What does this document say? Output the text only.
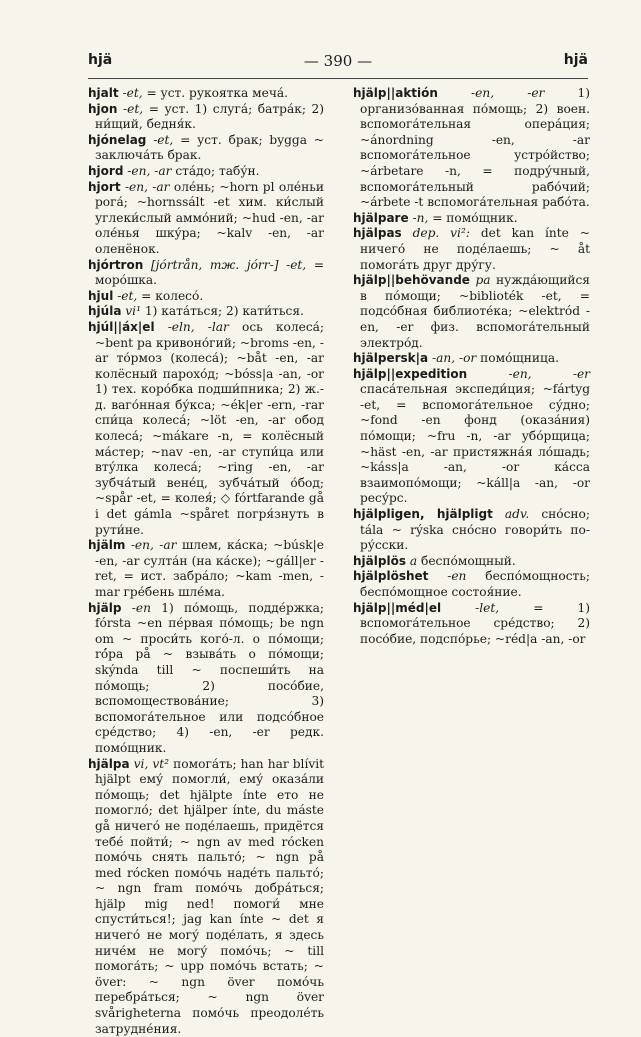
hjä	— 390 —	hjä

hjalt -et, = уст. рукоятка меча́.

hjon -et, = уст. 1) слуга́; батра́к; 2) ни́щий, бедня́к.

hjónelag -et, = уст. брак; bygga ~ заключа́ть брак.

hjord -en, -ar ста́до; табу́н.

hjort -en, -ar оле́нь; ~horn pl оле́ньи рога́; ~hornssált -et хим. ки́слый углеки́слый аммо́ний; ~hud -en, -ar оле́нья шку́ра; ~kalv -en, -ar оленёнок.

hjórtron [jórtrån, тж. jórr-] -et, = моро́шка.

hjul -et, = колесо́.

hjúla vi¹ 1) ката́ться; 2) кати́ться.

hjúl||áx|el -eln, -lar ось колеса́; ~bent pa кривоно́гий; ~broms -en, -ar то́рмоз (колеса́); ~båt -en, -ar колёсный парохо́д; ~bóss|a -an, -or 1) тех. коро́бка подши́пника; 2) ж.-д. ваго́нная бу́кса; ~ék|er -ern, -rar спи́ца колеса́; ~löt -en, -ar обод колеса́; ~mákare -n, = колёсный ма́стер; ~nav -en, -ar ступи́ца или вту́лка колеса́; ~ring -en, -ar зубча́тый вене́ц, зубча́тый о́бод; ~spår -et, = колея́; ◇ fórtfarande gå i det gámla ~spåret погря́знуть в рути́не.

hjälm -en, -ar шлем, ка́ска; ~búsk|e -en, -ar султа́н (на ка́ске); ~gáll|er -ret, = ист. забра́ло; ~kam -men, -mar гре́бень шле́ма.

hjälp -en 1) по́мощь, подде́ржка; fórsta ~en пе́рвая по́мощь; be ngn om ~ проси́ть кого́-л. о по́мощи; ró́pa på ~ взыва́ть о по́мощи; skýnda till ~ поспеши́ть на по́мощь; 2) посо́бие, вспомоществова́ние; 3) вспомога́тельное или подсо́бное сре́дство; 4) -en, -er редк. помо́щник.

hjälpa vi, vt² помога́ть; han har blívit hjälpt ему́ помогли́, ему́ оказа́ли по́мощь; det hjälpte ínte ето не помогло́; det hjälper ínte, du máste gå ничего́ не поде́лаешь, придётся тебе́ пойти́; ~ ngn av med rócken помо́чь снять пальто́; ~ ngn på med rócken помо́чь наде́ть пальто́; ~ ngn fram помо́чь добра́ться; hjälp mig ned! помоги́ мне спусти́ться!; jag kan ínte ~ det я ничего́ не могу́ поде́лать, я здесь ниче́м не могу́ помо́чь; ~ till помога́ть; ~ upp помо́чь встать; ~ över: ~ ngn över помо́чь перебра́ться; ~ ngn över svårigheterna помо́чь преодоле́ть затрудне́ния.

hjälp||aktión	-en, -er	1) организо́ванная по́мощь; 2) воен. вспомога́тельная опера́ция; ~ánordning -en, -ar вспомога́тельное устро́йство; ~árbetare -n, = подру́чный, вспомога́тельный рабо́чий; ~árbete -t вспомога́тельная рабо́та.

hjälpare -n, = помо́щник.

hjälpas dep. vi²: det kan ínte ~ ничего́ не поде́лаешь; ~ åt помога́ть друг дру́гу.

hjälp||behövande pa нужда́ющийся в по́мощи; ~biblioték -et, = подсо́бная библиоте́ка; ~elektród -en, -er физ. вспомога́тельный электро́д.

hjälpersk|a -an, -or помо́щница.

hjälp||expedition	-en, -er спаса́тельная экспеди́ция; ~fártyg -et, = вспомога́тельное су́дно; ~fond -en фонд (оказа́ния) по́мощи; ~fru -n, -ar убо́рщица; ~häst -en, -ar пристяжна́я ло́шадь; ~káss|a -an, -or ка́сса взаимопо́мощи; ~káll|a -an, -or ресу́рс.

hjälpligen, hjälpligt adv. сно́сно; tála ~ rýska сно́сно говори́ть по-ру́сски.

hjälplös a беспо́мощный.

hjälplöshet -en беспо́мощность; беспо́мощное состоя́ние.

hjälp||méd|el	-let,	= 1) вспомога́тельное сре́дство; 2) посо́бие, подспо́рье; ~réd|a -an, -or
